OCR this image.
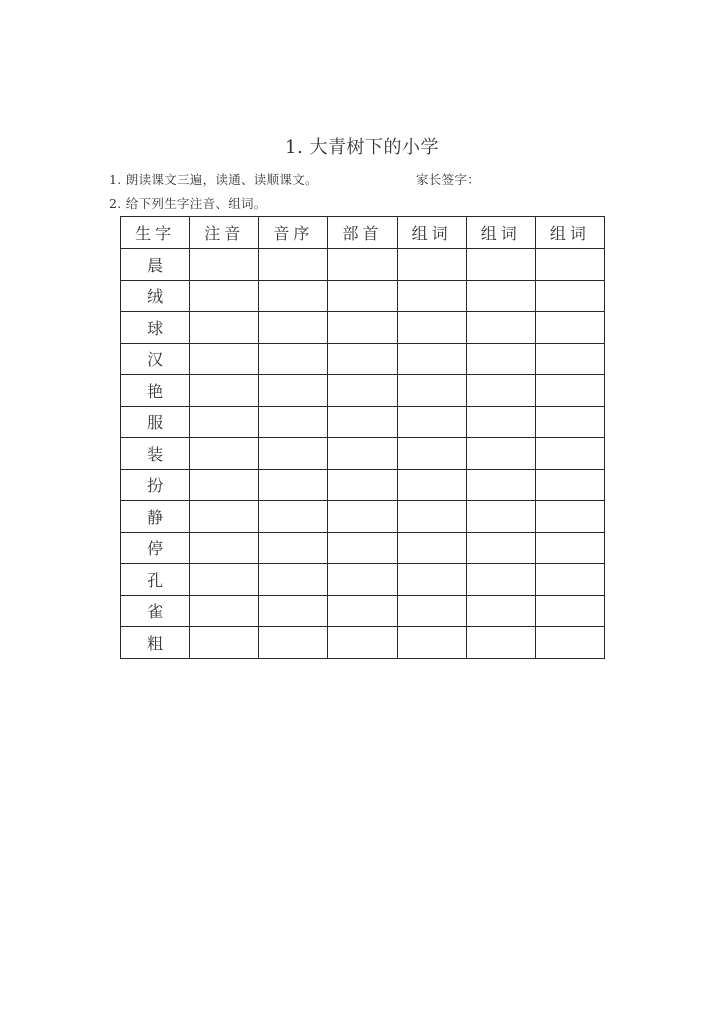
1. 大青树下的小学
1. 朗读课文三遍，读通、读顺课文。	家长签字：
2. 给下列生字注音、组词。
生字	注音	音序	部首	组词	组词	组词
晨						
绒						
球						
汉						
艳						
服						
装						
扮						
静						
停						
孔						
雀						
粗						
